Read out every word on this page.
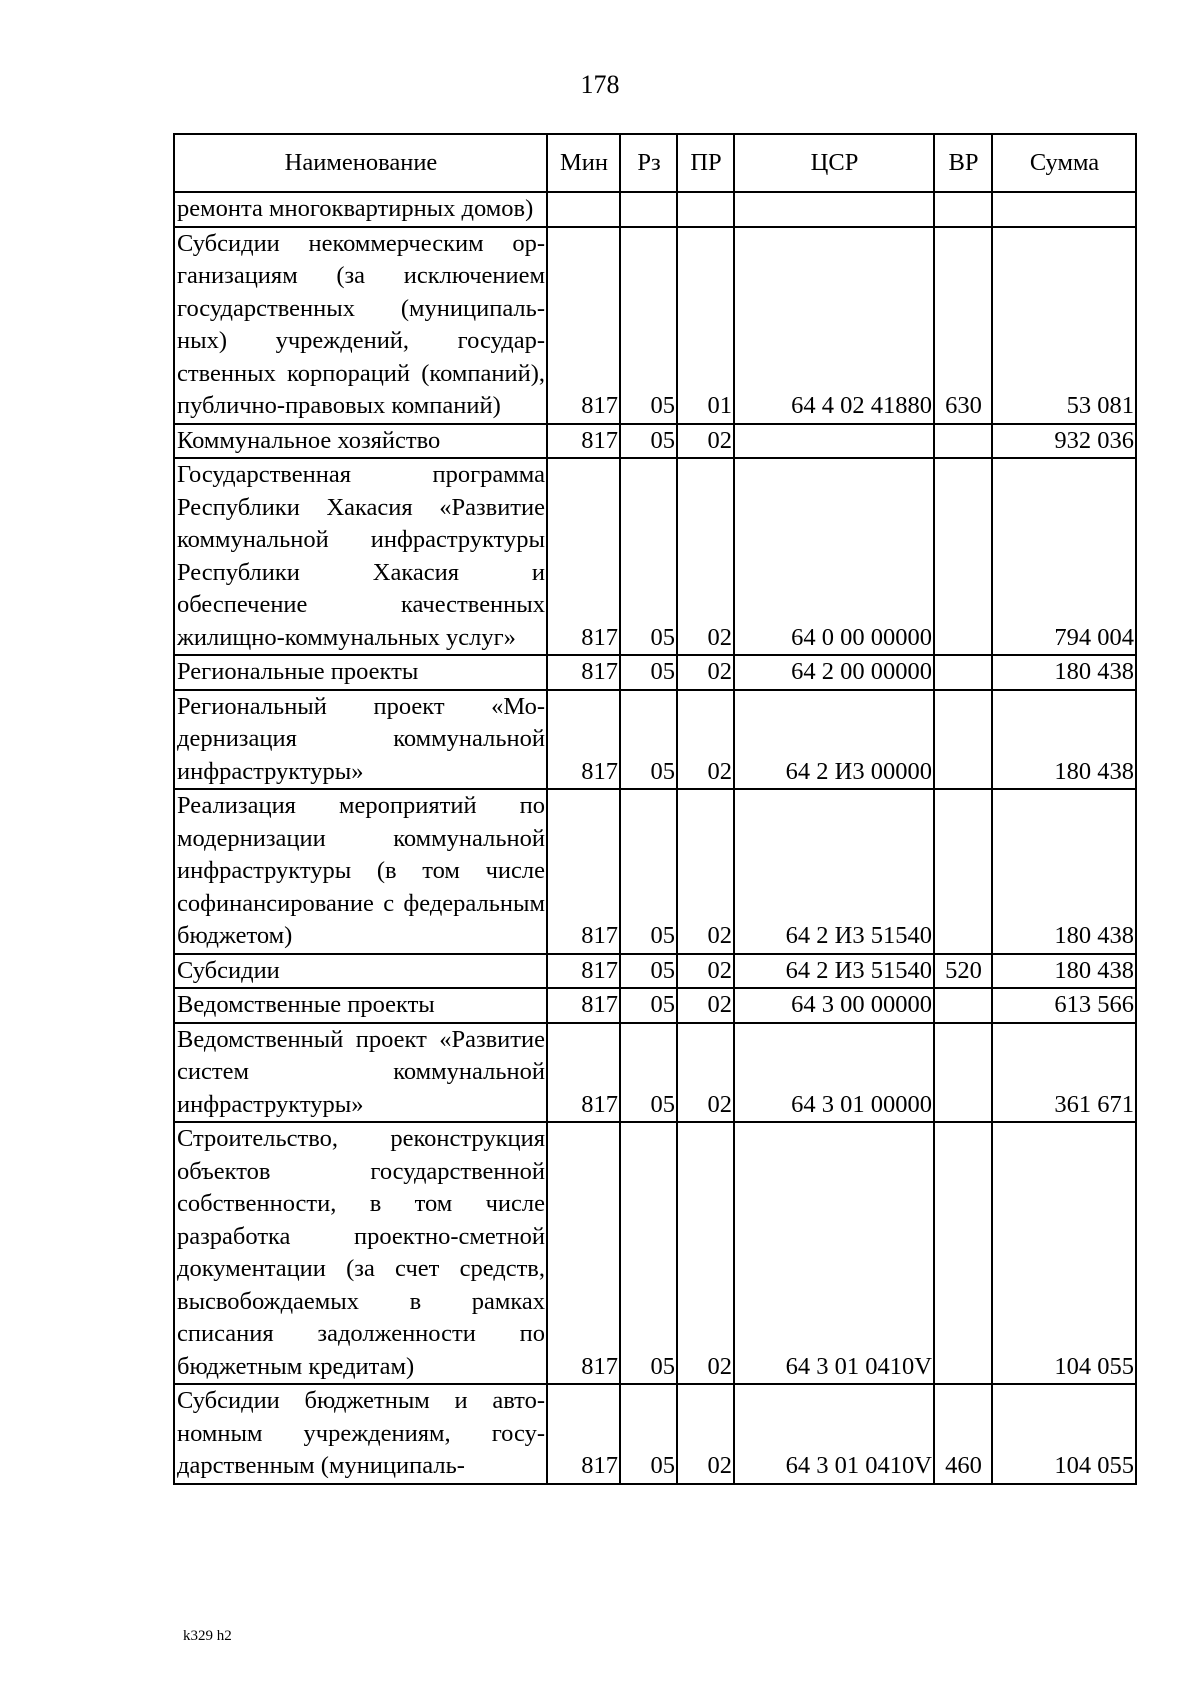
178
Наименование	Мин	Рз	ПР	ЦСР	ВР	Сумма
ремонта многоквартирных домов)						
Субсидии некоммерческим организациям (за исключением государственных (муниципальных) учреждений, государственных корпораций (компаний), публично-правовых компаний)	817	05	01	64 4 02 41880	630	53 081
Коммунальное хозяйство	817	05	02			932 036
Государственная программа Республики Хакасия «Развитие коммунальной инфраструктуры Республики Хакасия и обеспечение качественных жилищно-коммунальных услуг»	817	05	02	64 0 00 00000		794 004
Региональные проекты	817	05	02	64 2 00 00000		180 438
Региональный проект «Модернизация коммунальной инфраструктуры»	817	05	02	64 2 И3 00000		180 438
Реализация мероприятий по модернизации коммунальной инфраструктуры (в том числе софинансирование с федеральным бюджетом)	817	05	02	64 2 И3 51540		180 438
Субсидии	817	05	02	64 2 И3 51540	520	180 438
Ведомственные проекты	817	05	02	64 3 00 00000		613 566
Ведомственный проект «Развитие систем коммунальной инфраструктуры»	817	05	02	64 3 01 00000		361 671
Строительство, реконструкция объектов государственной собственности, в том числе разработка проектно-сметной документации (за счет средств, высвобождаемых в рамках списания задолженности по бюджетным кредитам)	817	05	02	64 3 01 0410V		104 055
Субсидии бюджетным и автономным учреждениям, государственным (муниципаль-	817	05	02	64 3 01 0410V	460	104 055
k329 h2
